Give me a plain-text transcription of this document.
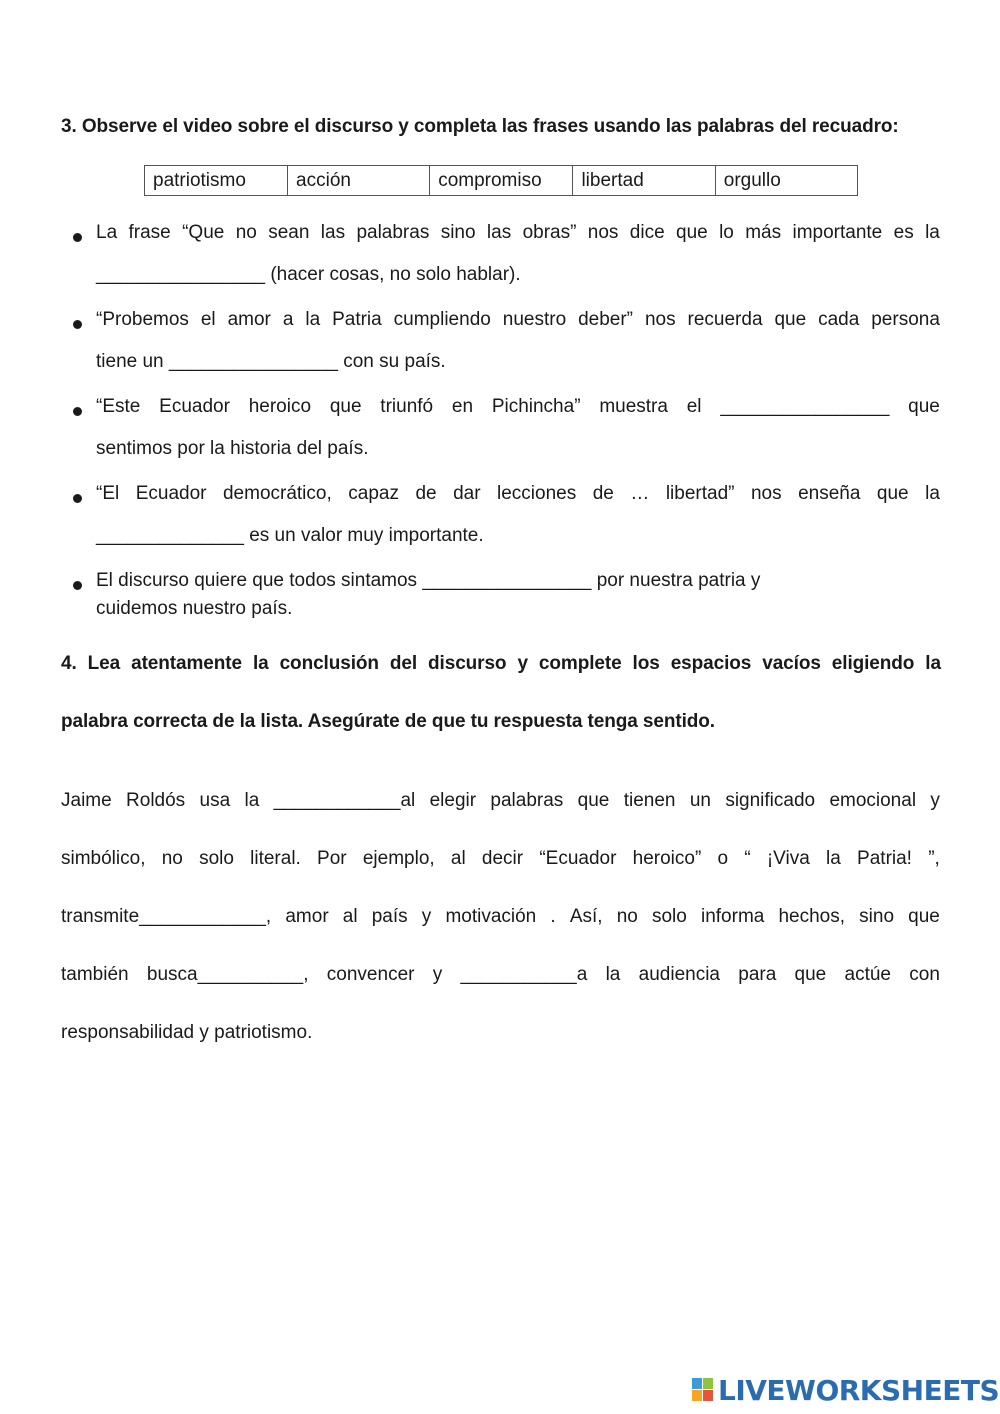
3. Observe el video sobre el discurso y completa las frases usando las palabras del recuadro:
patriotismo	acción	compromiso	libertad	orgullo
La frase “Que no sean las palabras sino las obras” nos dice que lo más importante es la
________________ (hacer cosas, no solo hablar).
“Probemos el amor a la Patria cumpliendo nuestro deber” nos recuerda que cada persona
tiene un ________________ con su país.
“Este Ecuador heroico que triunfó en Pichincha” muestra el ________________ que
sentimos por la historia del país.
“El Ecuador democrático, capaz de dar lecciones de … libertad” nos enseña que la
______________ es un valor muy importante.
El discurso quiere que todos sintamos ________________ por nuestra patria y
cuidemos nuestro país.
4. Lea atentamente la conclusión del discurso y complete los espacios vacíos eligiendo la
palabra correcta de la lista. Asegúrate de que tu respuesta tenga sentido.
Jaime Roldós usa la ____________al elegir palabras que tienen un significado emocional y
simbólico, no solo literal. Por ejemplo, al decir “Ecuador heroico” o “ ¡Viva la Patria! ”,
transmite____________, amor al país y motivación . Así, no solo informa hechos, sino que
también busca__________, convencer y ___________a la audiencia para que actúe con
responsabilidad y patriotismo.
LIVEWORKSHEETS
